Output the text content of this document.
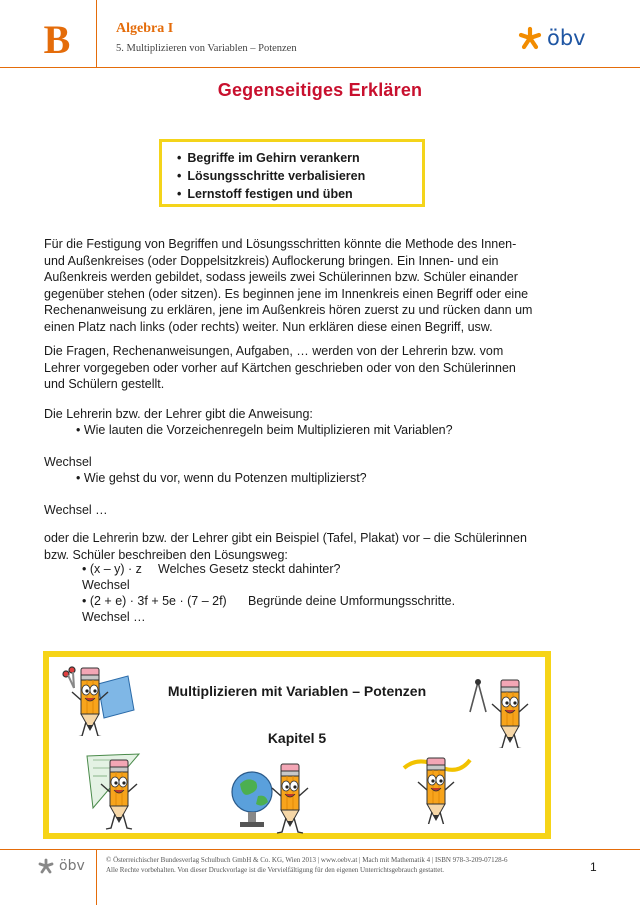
B	Algebra I
5. Multiplizieren von Variablen – Potenzen	öbv
Gegenseitiges Erklären
• Begriffe im Gehirn verankern
• Lösungsschritte verbalisieren
• Lernstoff festigen und üben
Für die Festigung von Begriffen und Lösungsschritten könnte die Methode des Innen-
und Außenkreises (oder Doppelsitzkreis) Auflockerung bringen. Ein Innen- und ein
Außenkreis werden gebildet, sodass jeweils zwei Schülerinnen bzw. Schüler einander
gegenüber stehen (oder sitzen). Es beginnen jene im Innenkreis einen Begriff oder eine
Rechenanweisung zu erklären, jene im Außenkreis hören zuerst zu und rücken dann um
einen Platz nach links (oder rechts) weiter. Nun erklären diese einen Begriff, usw.
Die Fragen, Rechenanweisungen, Aufgaben, … werden von der Lehrerin bzw. vom
Lehrer vorgegeben oder vorher auf Kärtchen geschrieben oder von den Schülerinnen
und Schülern gestellt.
Die Lehrerin bzw. der Lehrer gibt die Anweisung:
• Wie lauten die Vorzeichenregeln beim Multiplizieren mit Variablen?
Wechsel
• Wie gehst du vor, wenn du Potenzen multiplizierst?
Wechsel …
oder die Lehrerin bzw. der Lehrer gibt ein Beispiel (Tafel, Plakat) vor – die Schülerinnen
bzw. Schüler beschreiben den Lösungsweg:
• (x – y) · z Welches Gesetz steckt dahinter?
Wechsel
• (2 + e) · 3f + 5e · (7 – 2f) Begründe deine Umformungsschritte.
Wechsel …
Multiplizieren mit Variablen – Potenzen
Kapitel 5
öbv	© Österreichischer Bundesverlag Schulbuch GmbH & Co. KG, Wien 2013 | www.oebv.at | Mach mit Mathematik 4 | ISBN 978-3-209-07128-6
Alle Rechte vorbehalten. Von dieser Druckvorlage ist die Vervielfältigung für den eigenen Unterrichtsgebrauch gestattet.	1
